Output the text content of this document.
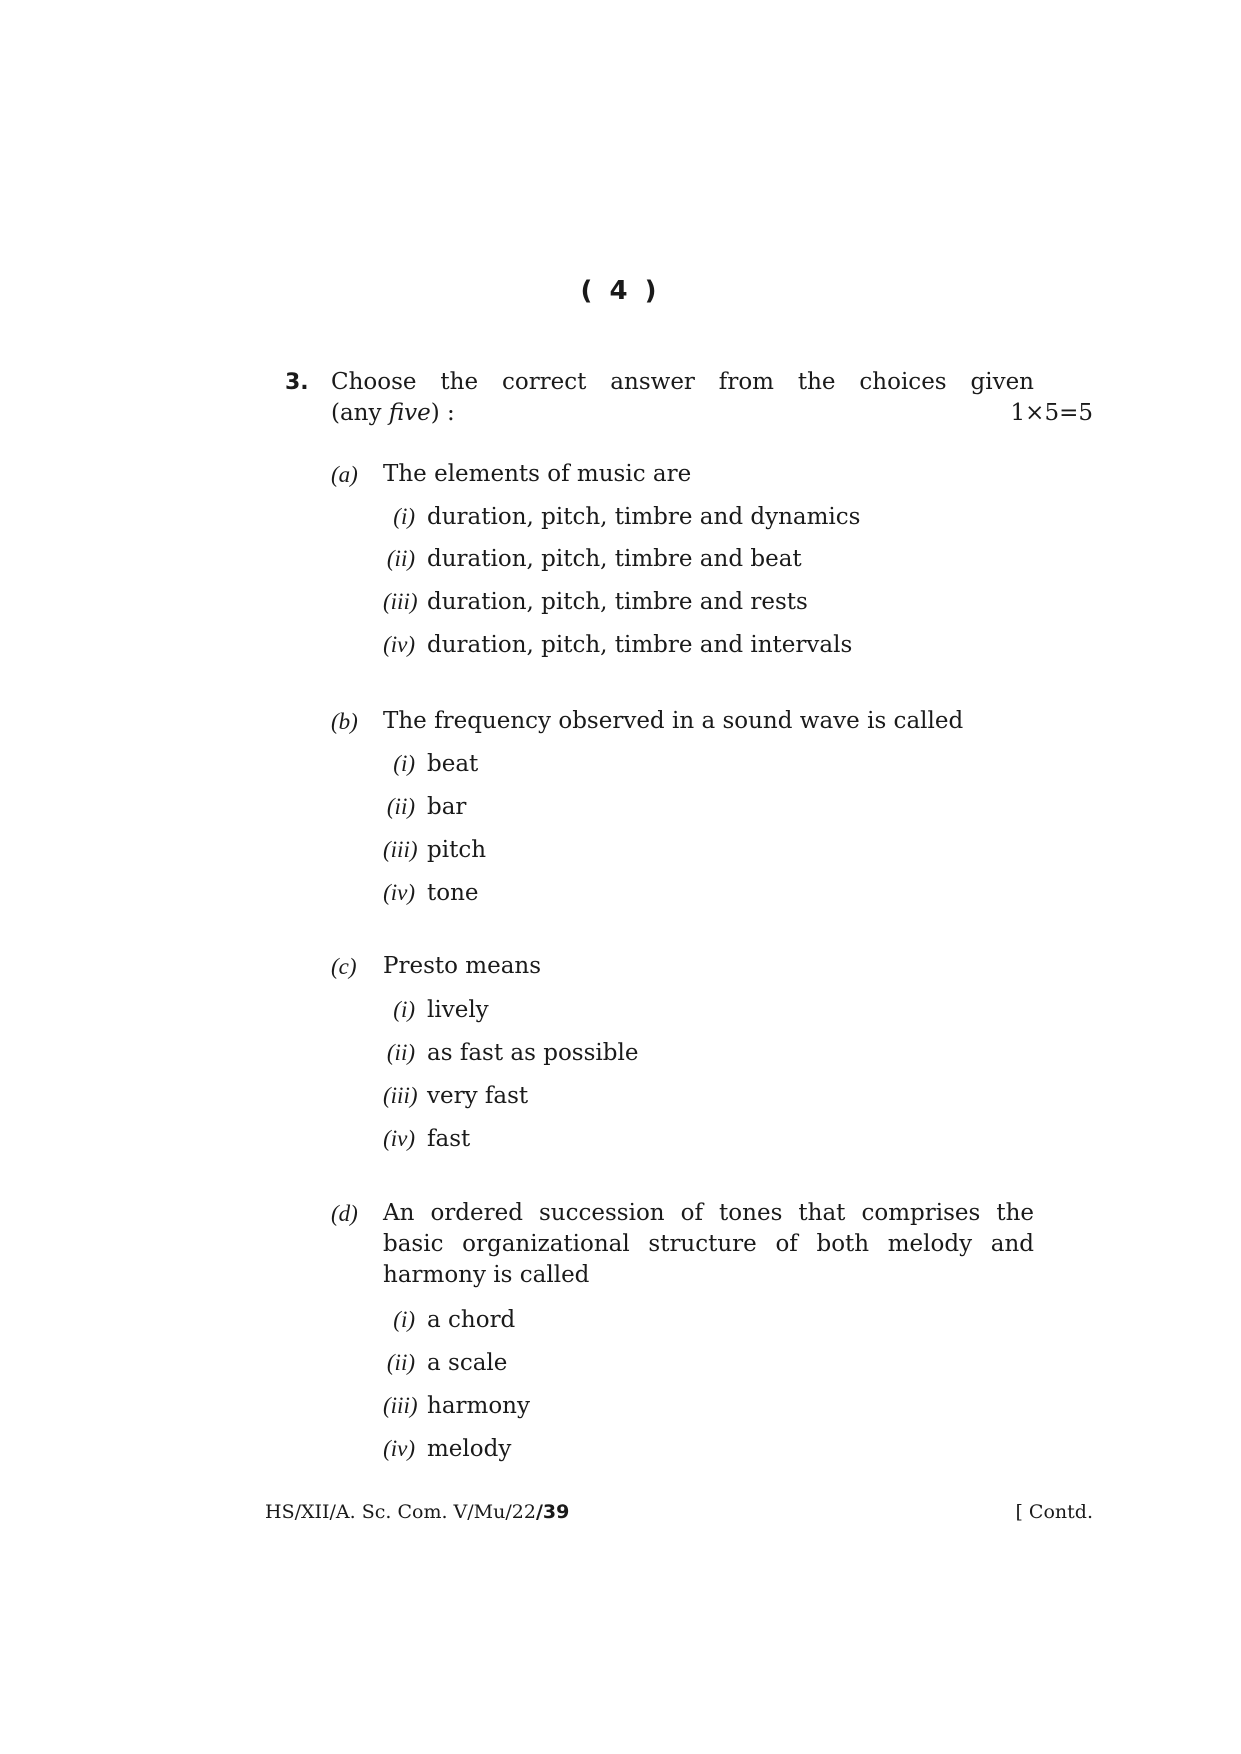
( 4 )
3. Choose the correct answer from the choices given
(any five) :	1×5=5
(a) The elements of music are
(i) duration, pitch, timbre and dynamics
(ii) duration, pitch, timbre and beat
(iii) duration, pitch, timbre and rests
(iv) duration, pitch, timbre and intervals
(b) The frequency observed in a sound wave is called
(i) beat
(ii) bar
(iii) pitch
(iv) tone
(c) Presto means
(i) lively
(ii) as fast as possible
(iii) very fast
(iv) fast
(d) An ordered succession of tones that comprises the basic organizational structure of both melody and harmony is called
(i) a chord
(ii) a scale
(iii) harmony
(iv) melody
HS/XII/A. Sc. Com. V/Mu/22/39	[ Contd.
